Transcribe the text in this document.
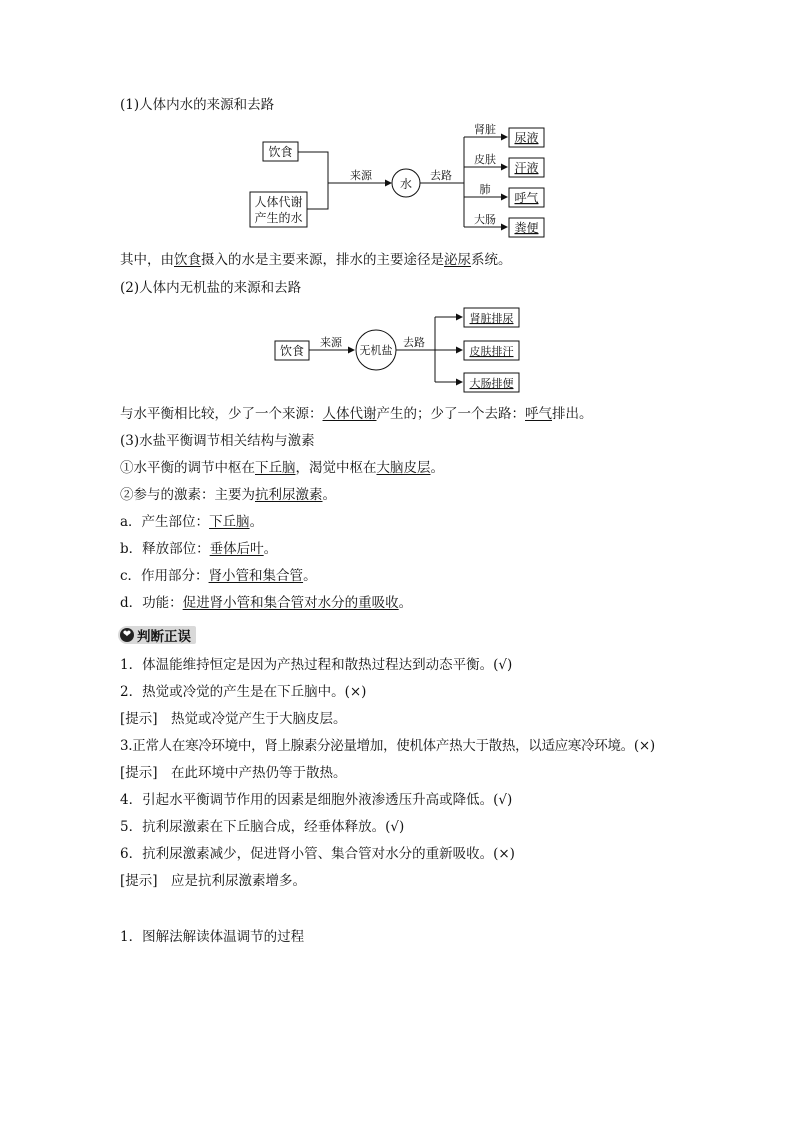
(1)人体内水的来源和去路
饮食
人体代谢
产生的水
来源
水
去路
肾脏
皮肤
肺
大肠
尿液
汗液
呼气
粪便
其中，由饮食摄入的水是主要来源，排水的主要途径是泌尿系统。
(2)人体内无机盐的来源和去路
饮食
来源
无机盐
去路
肾脏排尿
皮肤排汗
大肠排便
与水平衡相比较，少了一个来源：人体代谢产生的；少了一个去路：呼气排出。
(3)水盐平衡调节相关结构与激素
①水平衡的调节中枢在下丘脑，渴觉中枢在大脑皮层。
②参与的激素：主要为抗利尿激素。
a．产生部位：下丘脑。
b．释放部位：垂体后叶。
c．作用部分：肾小管和集合管。
d．功能：促进肾小管和集合管对水分的重吸收。
❤ 判断正误
1．体温能维持恒定是因为产热过程和散热过程达到动态平衡。(√)
2．热觉或冷觉的产生是在下丘脑中。(×)
[提示]　热觉或冷觉产生于大脑皮层。
3.正常人在寒冷环境中，肾上腺素分泌量增加，使机体产热大于散热，以适应寒冷环境。(×)
[提示]　在此环境中产热仍等于散热。
4．引起水平衡调节作用的因素是细胞外液渗透压升高或降低。(√)
5．抗利尿激素在下丘脑合成，经垂体释放。(√)
6．抗利尿激素减少，促进肾小管、集合管对水分的重新吸收。(×)
[提示]　应是抗利尿激素增多。
1．图解法解读体温调节的过程
